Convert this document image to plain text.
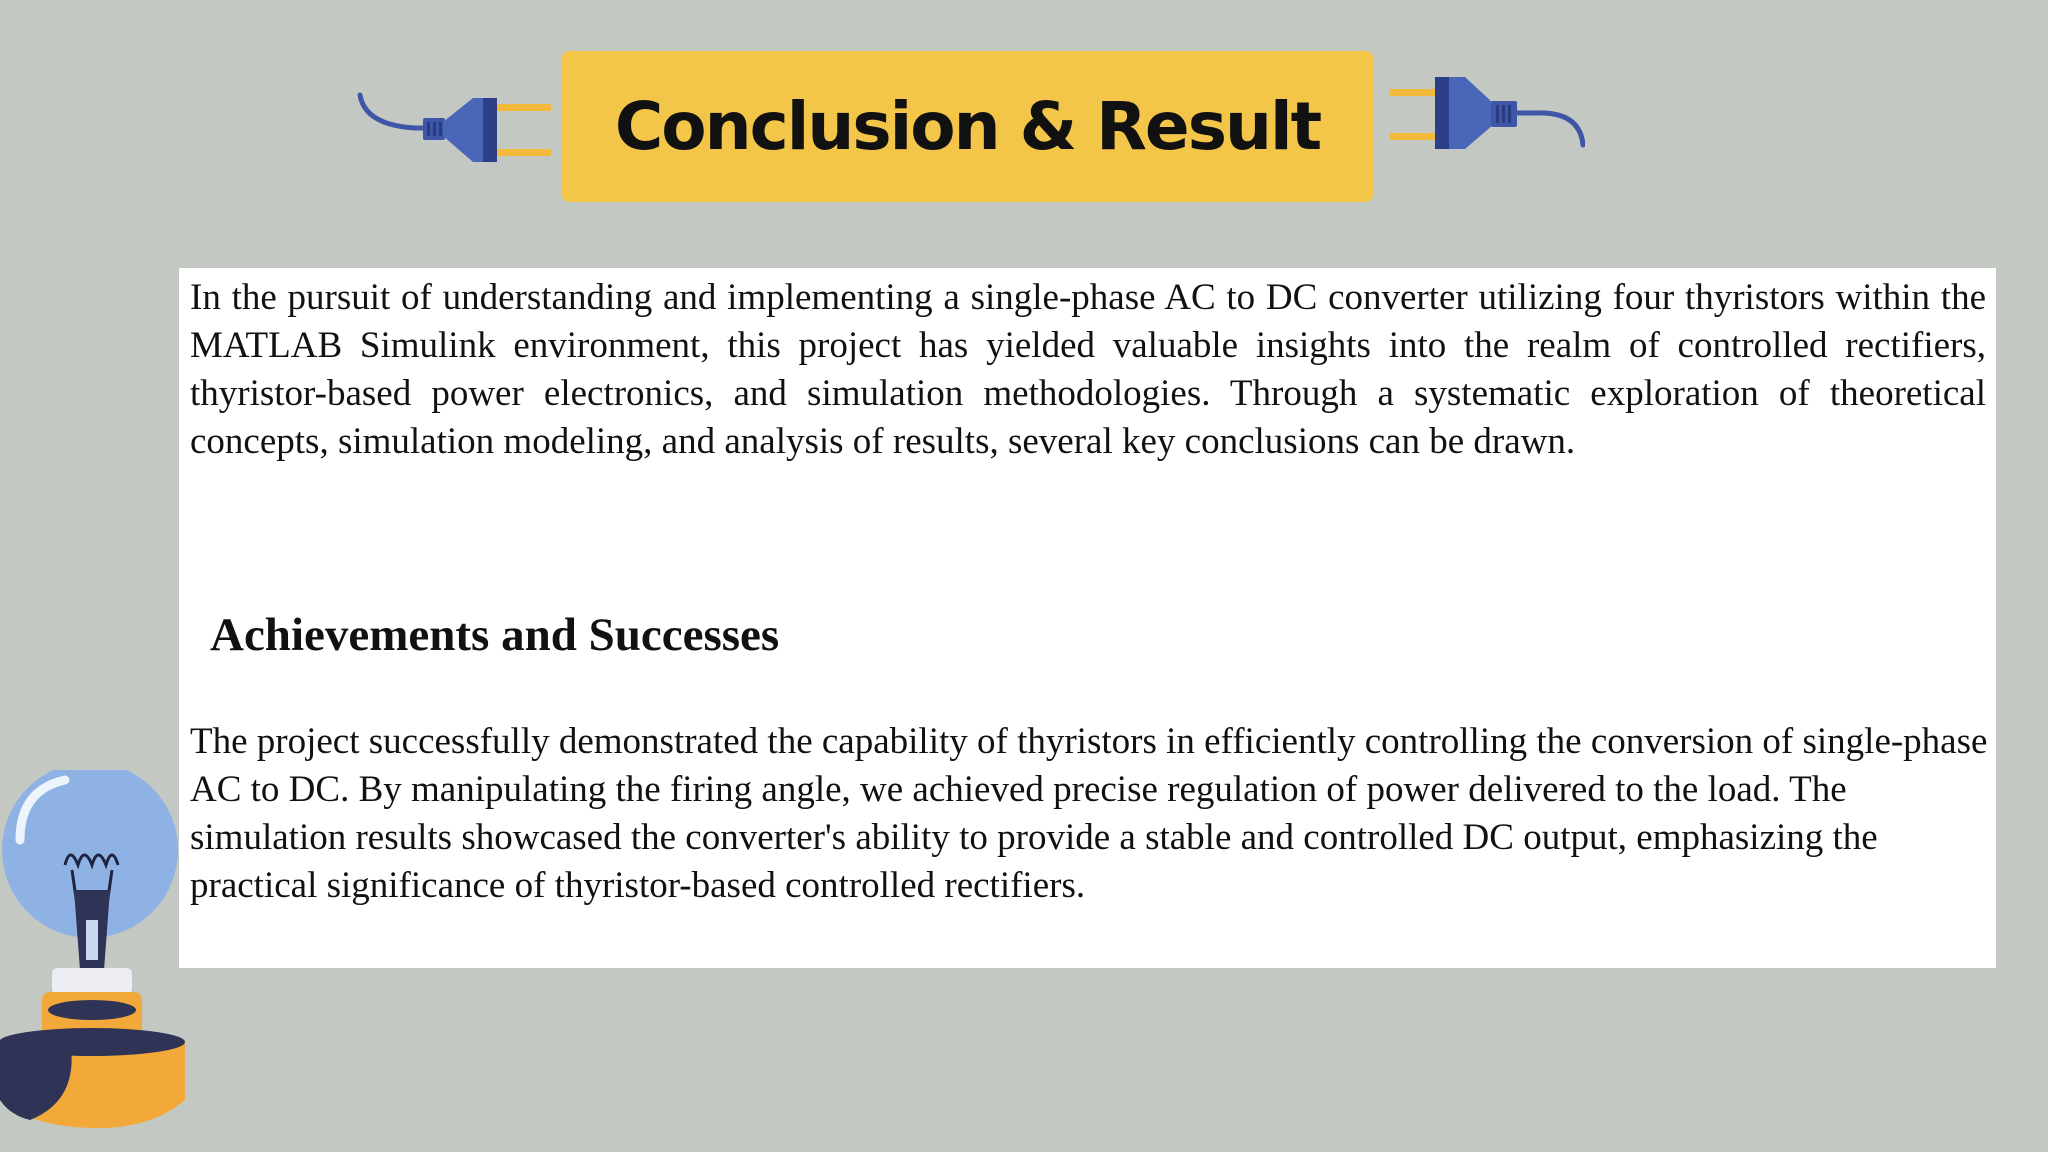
Conclusion & Result

In the pursuit of understanding and implementing a single-phase AC to DC converter utilizing four thyristors within the MATLAB Simulink environment, this project has yielded valuable insights into the realm of controlled rectifiers, thyristor-based power electronics, and simulation methodologies. Through a systematic exploration of theoretical concepts, simulation modeling, and analysis of results, several key conclusions can be drawn.

Achievements and Successes

The project successfully demonstrated the capability of thyristors in efficiently controlling the conversion of single-phase AC to DC. By manipulating the firing angle, we achieved precise regulation of power delivered to the load. The simulation results showcased the converter's ability to provide a stable and controlled DC output, emphasizing the practical significance of thyristor-based controlled rectifiers.
